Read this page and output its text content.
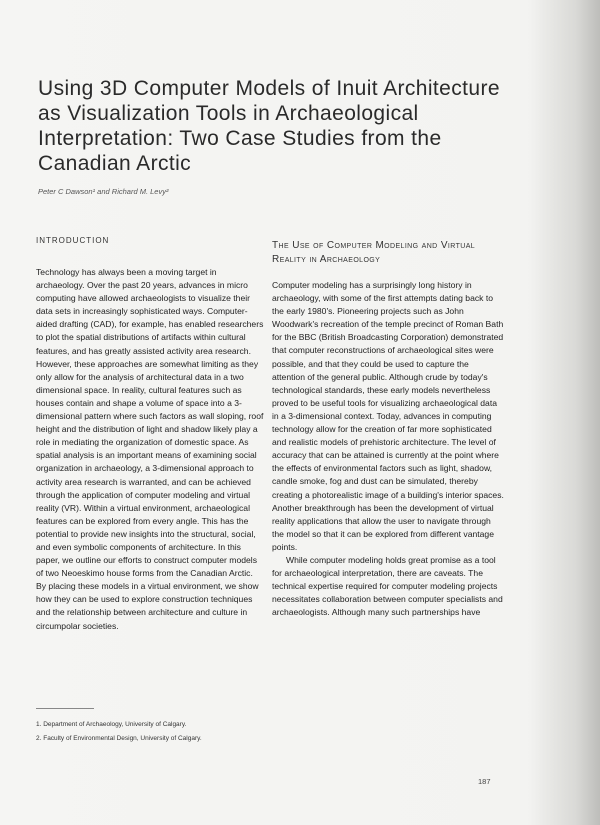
Using 3D Computer Models of Inuit Architecture as Visualization Tools in Archaeological Interpretation: Two Case Studies from the Canadian Arctic
Peter C Dawson¹ and Richard M. Levy²
INTRODUCTION

Technology has always been a moving target in archaeology. Over the past 20 years, advances in micro computing have allowed archaeologists to visualize their data sets in increasingly sophisticated ways. Computer-aided drafting (CAD), for example, has enabled researchers to plot the spatial distributions of artifacts within cultural features, and has greatly assisted activity area research. However, these approaches are somewhat limiting as they only allow for the analysis of architectural data in a two dimensional space. In reality, cultural features such as houses contain and shape a volume of space into a 3-dimensional pattern where such factors as wall sloping, roof height and the distribution of light and shadow likely play a role in mediating the organization of domestic space. As spatial analysis is an important means of examining social organization in archaeology, a 3-dimensional approach to activity area research is warranted, and can be achieved through the application of computer modeling and virtual reality (VR). Within a virtual environment, archaeological features can be explored from every angle. This has the potential to provide new insights into the structural, social, and even symbolic components of architecture. In this paper, we outline our efforts to construct computer models of two Neoeskimo house forms from the Canadian Arctic. By placing these models in a virtual environment, we show how they can be used to explore construction techniques and the relationship between architecture and culture in circumpolar societies.

The Use of Computer Modeling and Virtual Reality in Archaeology

Computer modeling has a surprisingly long history in archaeology, with some of the first attempts dating back to the early 1980's. Pioneering projects such as John Woodwark's recreation of the temple precinct of Roman Bath for the BBC (British Broadcasting Corporation) demonstrated that computer reconstructions of archaeological sites were possible, and that they could be used to capture the attention of the general public. Although crude by today's technological standards, these early models nevertheless proved to be useful tools for visualizing archaeological data in a 3-dimensional context. Today, advances in computing technology allow for the creation of far more sophisticated and realistic models of prehistoric architecture. The level of accuracy that can be attained is currently at the point where the effects of environmental factors such as light, shadow, candle smoke, fog and dust can be simulated, thereby creating a photorealistic image of a building's interior spaces. Another breakthrough has been the development of virtual reality applications that allow the user to navigate through the model so that it can be explored from different vantage points.

While computer modeling holds great promise as a tool for archaeological interpretation, there are caveats. The technical expertise required for computer modeling projects necessitates collaboration between computer specialists and archaeologists. Although many such partnerships have

1. Department of Archaeology, University of Calgary.
2. Faculty of Environmental Design, University of Calgary.
187
